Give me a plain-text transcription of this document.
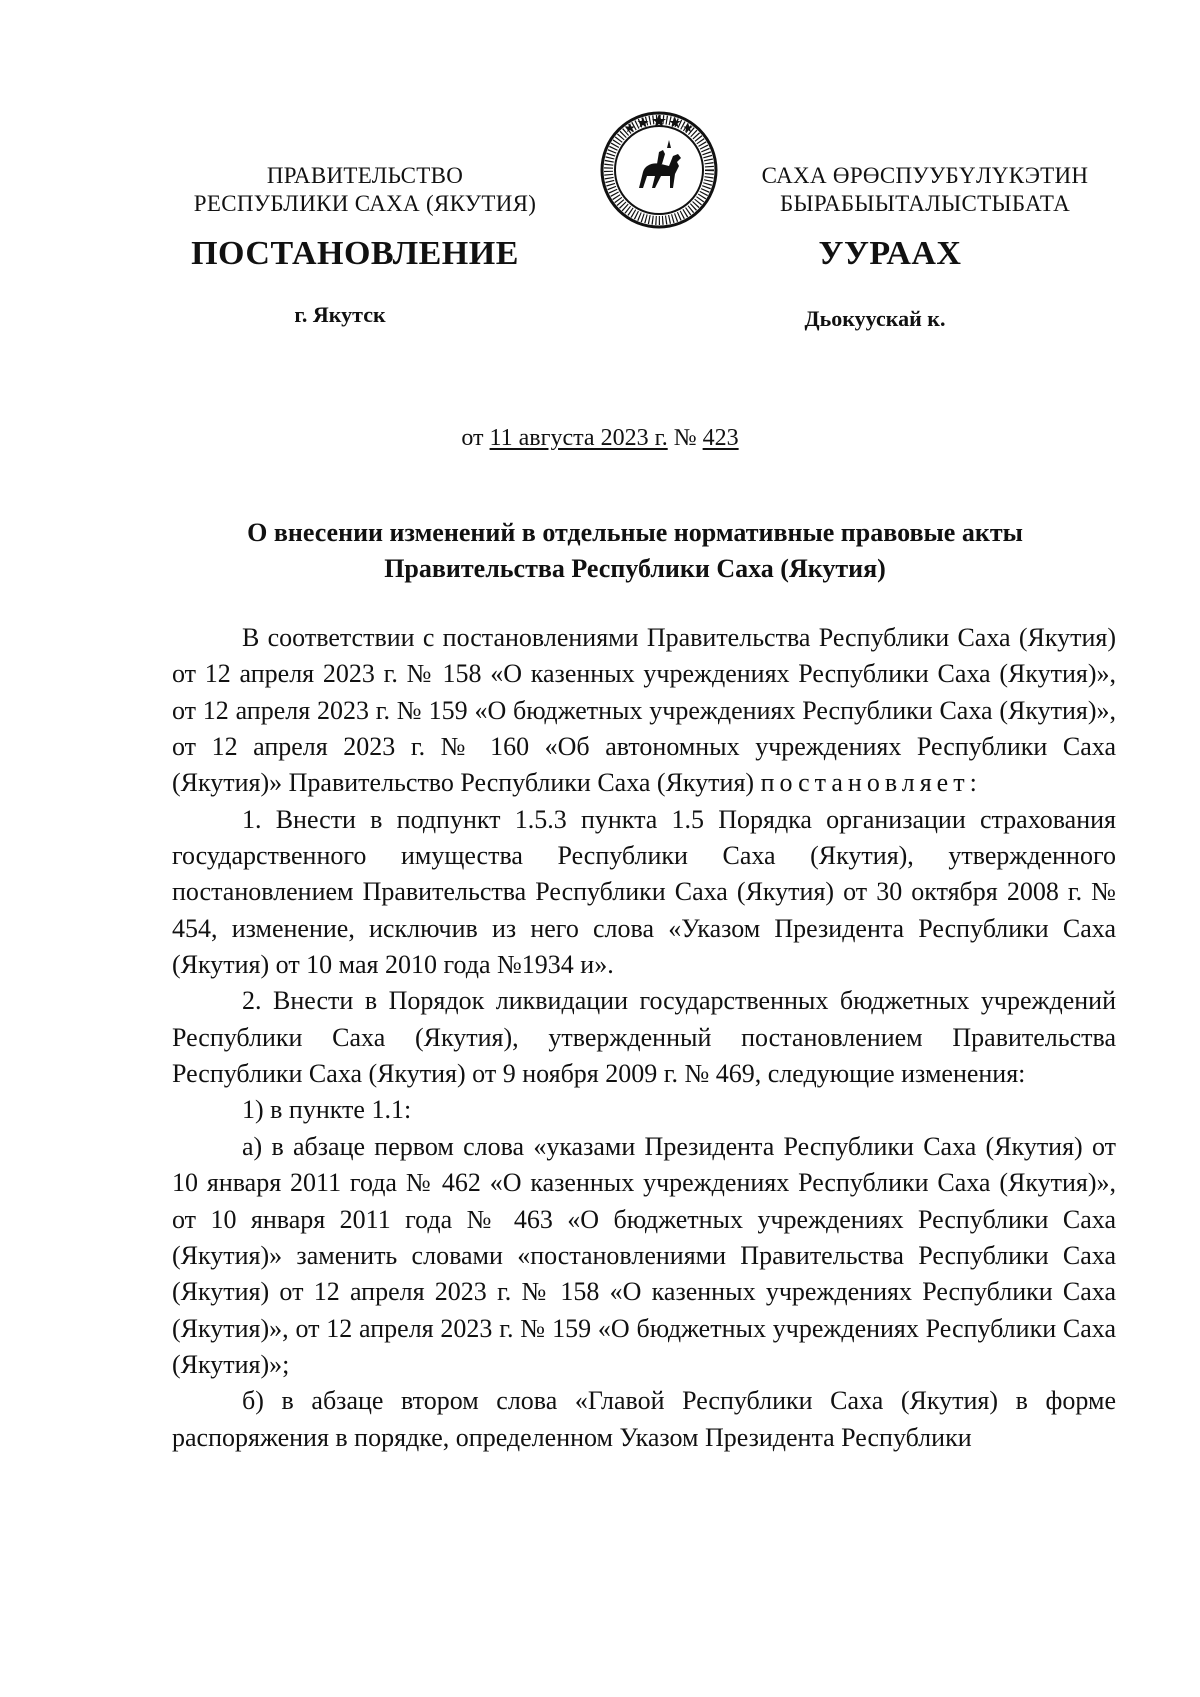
ПРАВИТЕЛЬСТВО
РЕСПУБЛИКИ САХА (ЯКУТИЯ)
САХА ӨРӨСПУУБҮЛҮКЭТИН
БЫРАБЫЫТАЛЫСТЫБАТА
ПОСТАНОВЛЕНИЕ	УУРААХ
г. Якутск	Дьокуускай к.
от 11 августа 2023 г. № 423
О внесении изменений в отдельные нормативные правовые акты
Правительства Республики Саха (Якутия)

В соответствии с постановлениями Правительства Республики Саха (Якутия) от 12 апреля 2023 г. № 158 «О казенных учреждениях Республики Саха (Якутия)», от 12 апреля 2023 г. № 159 «О бюджетных учреждениях Республики Саха (Якутия)», от 12 апреля 2023 г. № 160 «Об автономных учреждениях Республики Саха (Якутия)» Правительство Республики Саха (Якутия) постановляет:

1. Внести в подпункт 1.5.3 пункта 1.5 Порядка организации страхования государственного имущества Республики Саха (Якутия), утвержденного постановлением Правительства Республики Саха (Якутия) от 30 октября 2008 г. № 454, изменение, исключив из него слова «Указом Президента Республики Саха (Якутия) от 10 мая 2010 года №1934 и».

2. Внести в Порядок ликвидации государственных бюджетных учреждений Республики Саха (Якутия), утвержденный постановлением Правительства Республики Саха (Якутия) от 9 ноября 2009 г. № 469, следующие изменения:

1) в пункте 1.1:

а) в абзаце первом слова «указами Президента Республики Саха (Якутия) от 10 января 2011 года № 462 «О казенных учреждениях Республики Саха (Якутия)», от 10 января 2011 года № 463 «О бюджетных учреждениях Республики Саха (Якутия)» заменить словами «постановлениями Правительства Республики Саха (Якутия) от 12 апреля 2023 г. № 158 «О казенных учреждениях Республики Саха (Якутия)», от 12 апреля 2023 г. № 159 «О бюджетных учреждениях Республики Саха (Якутия)»;

б) в абзаце втором слова «Главой Республики Саха (Якутия) в форме распоряжения в порядке, определенном Указом Президента Республики
